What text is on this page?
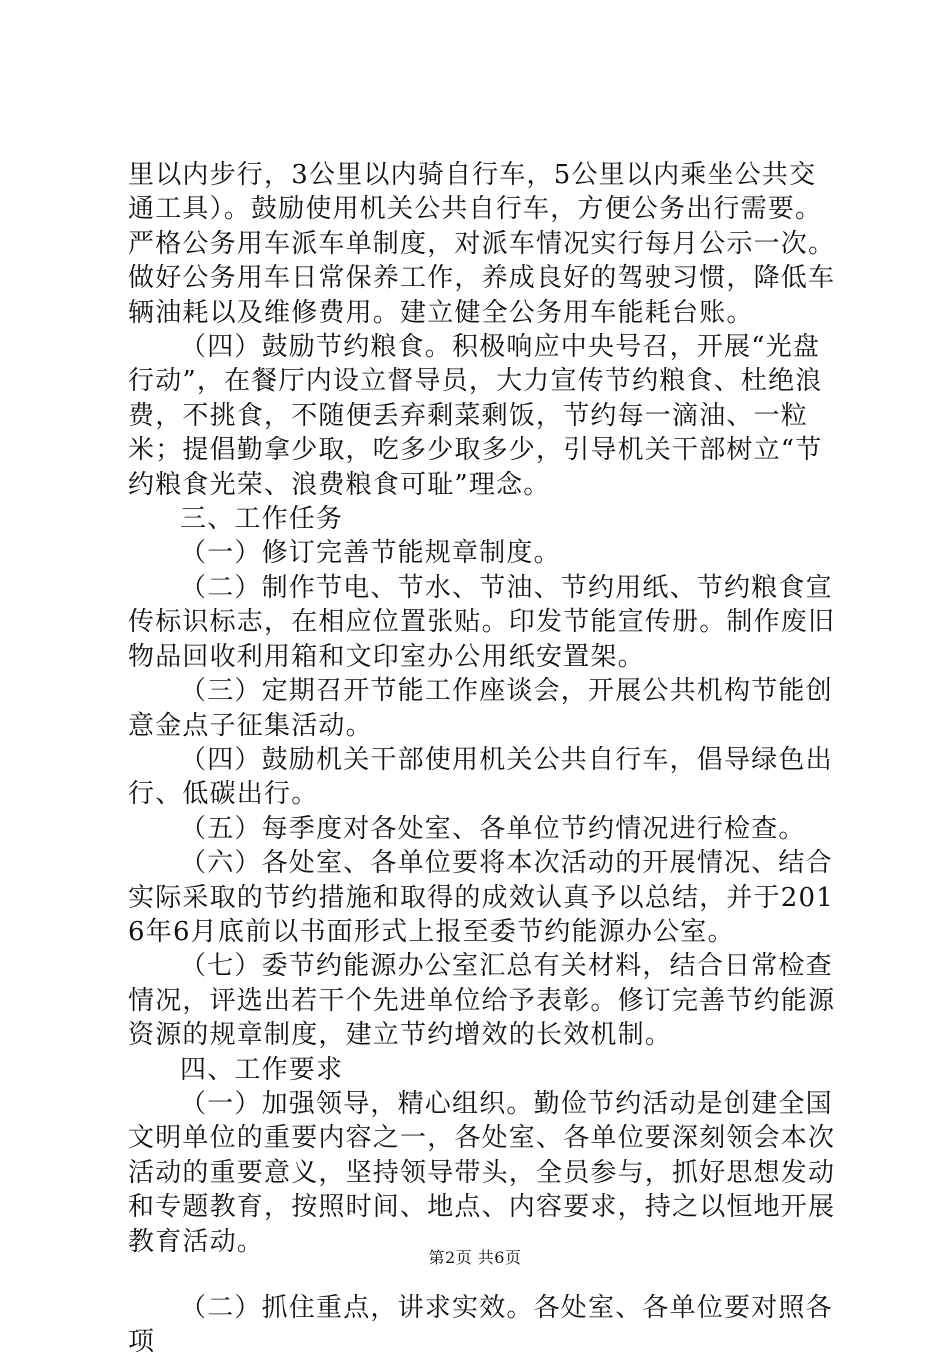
里以内步行，3公里以内骑自行车，5公里以内乘坐公共交通工具）。鼓励使用机关公共自行车，方便公务出行需要。严格公务用车派车单制度，对派车情况实行每月公示一次。做好公务用车日常保养工作，养成良好的驾驶习惯，降低车辆油耗以及维修费用。建立健全公务用车能耗台账。

（四）鼓励节约粮食。积极响应中央号召，开展“光盘行动”，在餐厅内设立督导员，大力宣传节约粮食、杜绝浪费，不挑食，不随便丢弃剩菜剩饭，节约每一滴油、一粒米；提倡勤拿少取，吃多少取多少，引导机关干部树立“节约粮食光荣、浪费粮食可耻”理念。

三、工作任务

（一）修订完善节能规章制度。

（二）制作节电、节水、节油、节约用纸、节约粮食宣传标识标志，在相应位置张贴。印发节能宣传册。制作废旧物品回收利用箱和文印室办公用纸安置架。

（三）定期召开节能工作座谈会，开展公共机构节能创意金点子征集活动。

（四）鼓励机关干部使用机关公共自行车，倡导绿色出行、低碳出行。

（五）每季度对各处室、各单位节约情况进行检查。

（六）各处室、各单位要将本次活动的开展情况、结合实际采取的节约措施和取得的成效认真予以总结，并于2016年6月底前以书面形式上报至委节约能源办公室。

（七）委节约能源办公室汇总有关材料，结合日常检查情况，评选出若干个先进单位给予表彰。修订完善节约能源资源的规章制度，建立节约增效的长效机制。

四、工作要求

（一）加强领导，精心组织。勤俭节约活动是创建全国文明单位的重要内容之一，各处室、各单位要深刻领会本次活动的重要意义，坚持领导带头，全员参与，抓好思想发动和专题教育，按照时间、地点、内容要求，持之以恒地开展教育活动。

（二）抓住重点，讲求实效。各处室、各单位要对照各项

第2页 共6页
